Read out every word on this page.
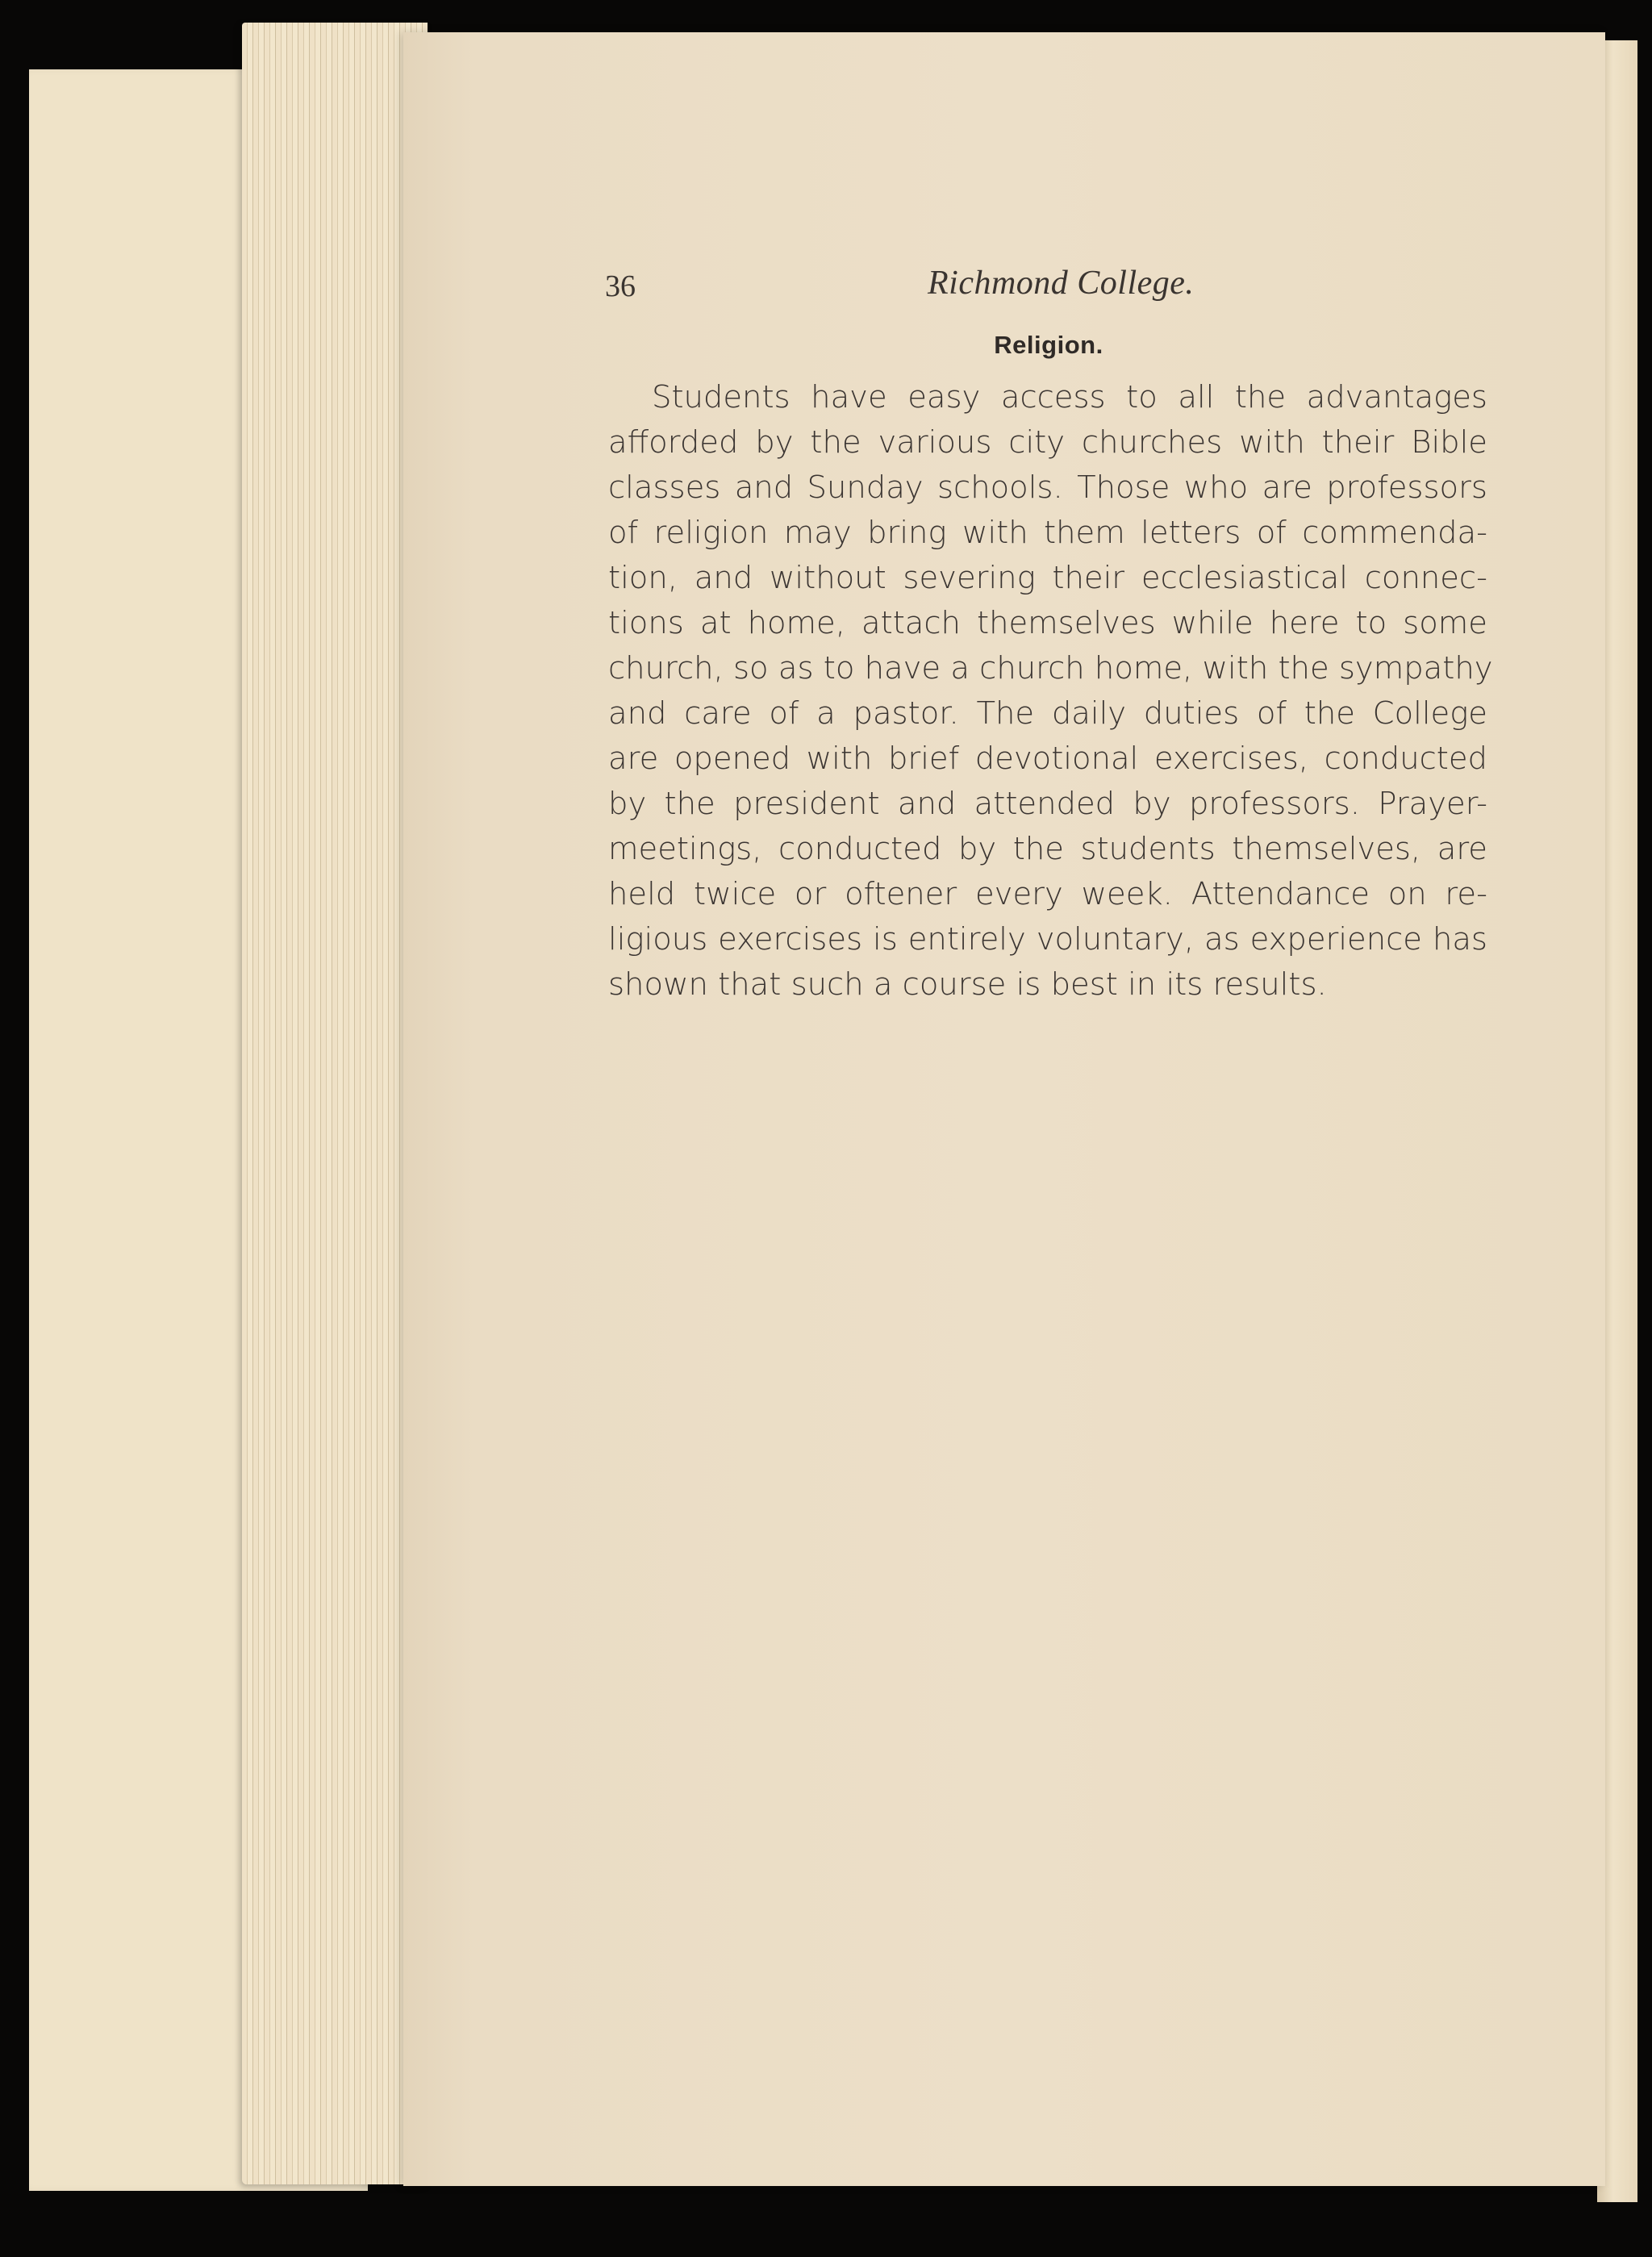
36	Richmond College.
Religion.
Students have easy access to all the advantages
afforded by the various city churches with their Bible
classes and Sunday schools. Those who are professors
of religion may bring with them letters of commenda-
tion, and without severing their ecclesiastical connec-
tions at home, attach themselves while here to some
church, so as to have a church home, with the sympathy
and care of a pastor. The daily duties of the College
are opened with brief devotional exercises, conducted
by the president and attended by professors. Prayer-
meetings, conducted by the students themselves, are
held twice or oftener every week. Attendance on re-
ligious exercises is entirely voluntary, as experience has
shown that such a course is best in its results.
